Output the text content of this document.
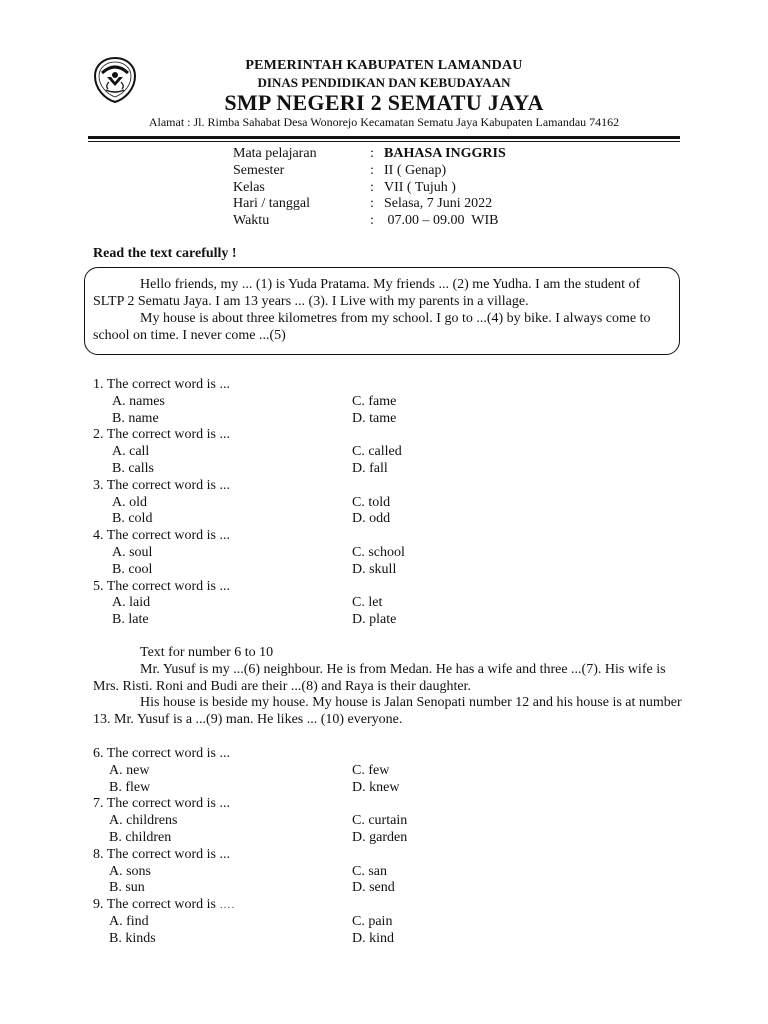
PEMERINTAH KABUPATEN LAMANDAU
DINAS PENDIDIKAN DAN KEBUDAYAAN
SMP NEGERI 2 SEMATU JAYA
Alamat : Jl. Rimba Sahabat Desa Wonorejo Kecamatan Sematu Jaya Kabupaten Lamandau 74162
Mata pelajaran	: BAHASA INGGRIS
Semester	: II ( Genap)
Kelas	: VII ( Tujuh )
Hari / tanggal	: Selasa, 7 Juni 2022
Waktu	: 07.00 – 09.00  WIB
Read the text carefully !

Hello friends, my ... (1) is Yuda Pratama. My friends ... (2) me Yudha. I am the student of SLTP 2 Sematu Jaya. I am 13 years ... (3). I Live with my parents in a village.

My house is about three kilometres from my school. I go to ...(4) by bike. I always come to school on time. I never come ...(5)

1. The correct word is ...
A. names	C. fame
B. name	D. tame
2. The correct word is ...
A. call	C. called
B. calls	D. fall
3. The correct word is ...
A. old	C. told
B. cold	D. odd
4. The correct word is ...
A. soul	C. school
B. cool	D. skull
5. The correct word is ...
A. laid	C. let
B. late	D. plate
Text for number 6 to 10

Mr. Yusuf is my ...(6) neighbour. He is from Medan. He has a wife and three ...(7). His wife is Mrs. Risti. Roni and Budi are their ...(8) and Raya is their daughter.

His house is beside my house. My house is Jalan Senopati number 12 and his house is at number 13. Mr. Yusuf is a ...(9) man. He likes ... (10) everyone.

6. The correct word is ...
A. new	C. few
B. flew	D. knew
7. The correct word is ...
A. childrens	C. curtain
B. children	D. garden
8. The correct word is ...
A. sons	C. san
B. sun	D. send
9. The correct word is ….
A. find	C. pain
B. kinds	D. kind
